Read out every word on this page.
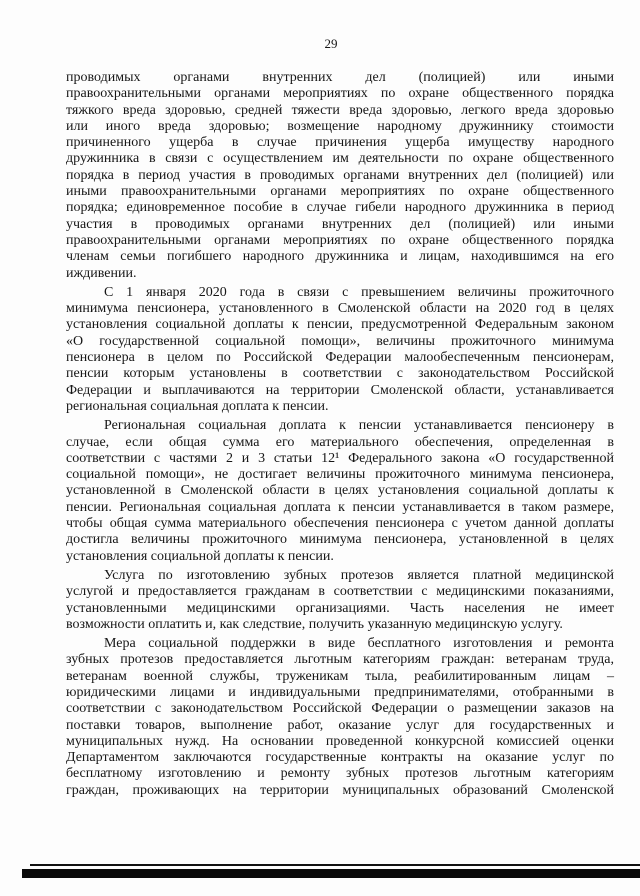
29
проводимых органами внутренних дел (полицией) или иными
правоохранительными органами мероприятиях по охране общественного порядка
тяжкого вреда здоровью, средней тяжести вреда здоровью, легкого вреда здоровью
или иного вреда здоровью; возмещение народному дружиннику стоимости
причиненного ущерба в случае причинения ущерба имуществу народного
дружинника в связи с осуществлением им деятельности по охране общественного
порядка в период участия в проводимых органами внутренних дел (полицией) или
иными правоохранительными органами мероприятиях по охране общественного
порядка; единовременное пособие в случае гибели народного дружинника в период
участия в проводимых органами внутренних дел (полицией) или иными
правоохранительными органами мероприятиях по охране общественного порядка
членам семьи погибшего народного дружинника и лицам, находившимся на его
иждивении.
С 1 января 2020 года в связи с превышением величины прожиточного
минимума пенсионера, установленного в Смоленской области на 2020 год в целях
установления социальной доплаты к пенсии, предусмотренной Федеральным законом
«О государственной социальной помощи», величины прожиточного минимума
пенсионера в целом по Российской Федерации малообеспеченным пенсионерам,
пенсии которым установлены в соответствии с законодательством Российской
Федерации и выплачиваются на территории Смоленской области, устанавливается
региональная социальная доплата к пенсии.
Региональная социальная доплата к пенсии устанавливается пенсионеру в
случае, если общая сумма его материального обеспечения, определенная в
соответствии с частями 2 и 3 статьи 12¹ Федерального закона «О государственной
социальной помощи», не достигает величины прожиточного минимума пенсионера,
установленной в Смоленской области в целях установления социальной доплаты к
пенсии. Региональная социальная доплата к пенсии устанавливается в таком размере,
чтобы общая сумма материального обеспечения пенсионера с учетом данной доплаты
достигла величины прожиточного минимума пенсионера, установленной в целях
установления социальной доплаты к пенсии.
Услуга по изготовлению зубных протезов является платной медицинской
услугой и предоставляется гражданам в соответствии с медицинскими показаниями,
установленными медицинскими организациями. Часть населения не имеет
возможности оплатить и, как следствие, получить указанную медицинскую услугу.
Мера социальной поддержки в виде бесплатного изготовления и ремонта
зубных протезов предоставляется льготным категориям граждан: ветеранам труда,
ветеранам военной службы, труженикам тыла, реабилитированным лицам –
юридическими лицами и индивидуальными предпринимателями, отобранными в
соответствии с законодательством Российской Федерации о размещении заказов на
поставки товаров, выполнение работ, оказание услуг для государственных и
муниципальных нужд. На основании проведенной конкурсной комиссией оценки
Департаментом заключаются государственные контракты на оказание услуг по
бесплатному изготовлению и ремонту зубных протезов льготным категориям
граждан, проживающих на территории муниципальных образований Смоленской
